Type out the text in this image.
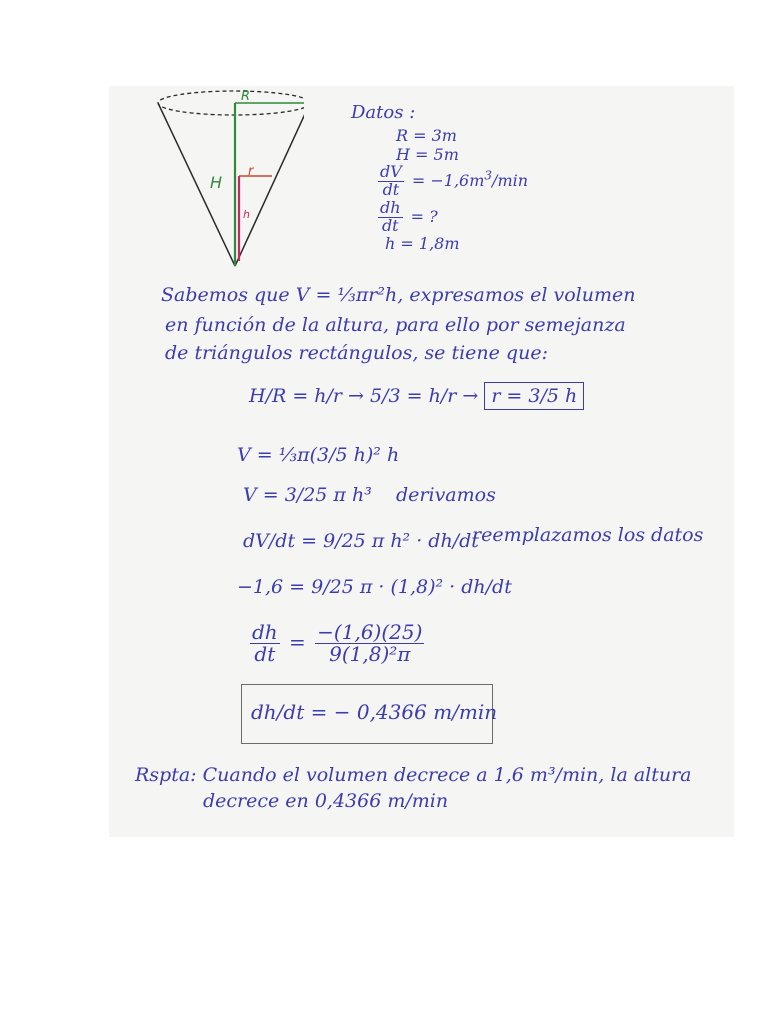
R
H
r
h
Datos :
R = 3m
H = 5m
$\frac{dV}{dt} = -1,6m^3/\min$
$\frac{dh}{dt}$ = ?
h = 1,8m
Sabemos que V = ⅓πr²h, expresamos el volumen
en función de la altura, para ello por semejanza
de triángulos rectángulos, se tiene que:
H/R = h/r → 5/3 = h/r → r = 3/5 h
V = ⅓π(3/5 h)² h
V = 3/25 π h³ derivamos
dV/dt = 9/25 π h² · dh/dt
reemplazamos los datos
−1,6 = 9/25 π · (1,8)² · dh/dt
$\frac{dh}{dt} = \frac{-(1,6)(25)}{\text{9(1,8)²π}}$
dh/dt = − 0,4366 m/min
Rspta: Cuando el volumen decrece a 1,6 m³/min, la altura
decrece en 0,4366 m/min
